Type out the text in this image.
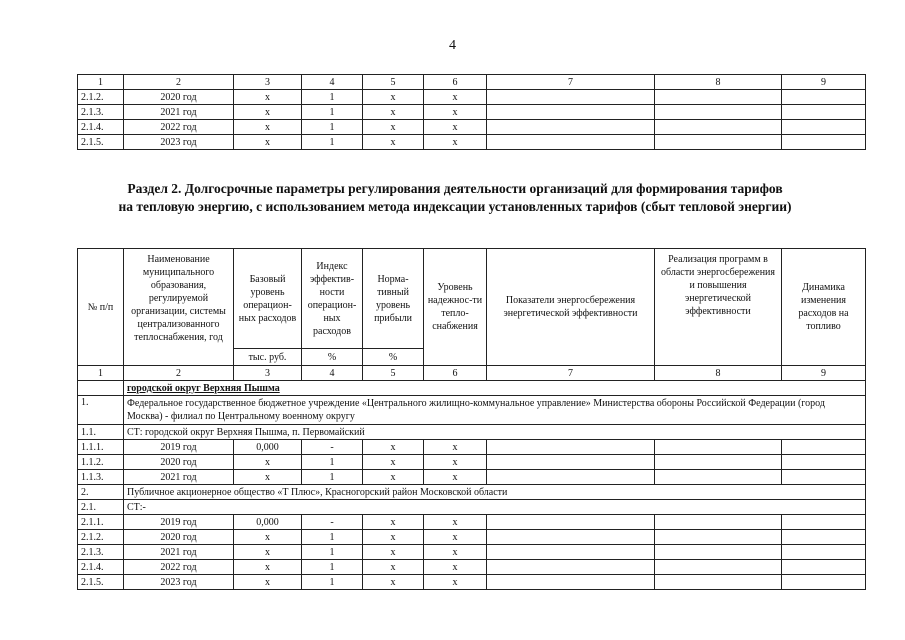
4
1	2	3	4	5	6	7	8	9
2.1.2.	2020 год	х	1	х	х			
2.1.3.	2021 год	х	1	х	х			
2.1.4.	2022 год	х	1	х	х			
2.1.5.	2023 год	х	1	х	х			
Раздел 2. Долгосрочные параметры регулирования деятельности организаций для формирования тарифов
на тепловую энергию, с использованием метода индексации установленных тарифов (сбыт тепловой энергии)
№ п/п	Наименование муниципального образования, регулируемой организации, системы централизованного теплоснабжения, год	Базовый уровень операцион-ных расходов	Индекс эффектив-ности операцион-ных расходов	Норма-тивный уровень прибыли	Уровень надежнос-ти тепло-снабжения	Показатели энергосбережения энергетической эффективности	Реализация программ в области энергосбережения и повышения энергетической эффективности	Динамика изменения расходов на топливо
		тыс. руб.	%	%				
1	2	3	4	5	6	7	8	9
	городской округ Верхняя Пышма							
1.	Федеральное государственное бюджетное учреждение «Центрального жилищно-коммунальное управление» Министерства обороны Российской Федерации (город Москва) - филиал по Центральному военному округу							
1.1.	СТ: городской округ Верхняя Пышма, п. Первомайский							
1.1.1.	2019 год	0,000	-	х	х			
1.1.2.	2020 год	х	1	х	х			
1.1.3.	2021 год	х	1	х	х			
2.	Публичное акционерное общество «Т Плюс», Красногорский район Московской области							
2.1.	СТ:-							
2.1.1.	2019 год	0,000	-	х	х			
2.1.2.	2020 год	х	1	х	х			
2.1.3.	2021 год	х	1	х	х			
2.1.4.	2022 год	х	1	х	х			
2.1.5.	2023 год	х	1	х	х			
